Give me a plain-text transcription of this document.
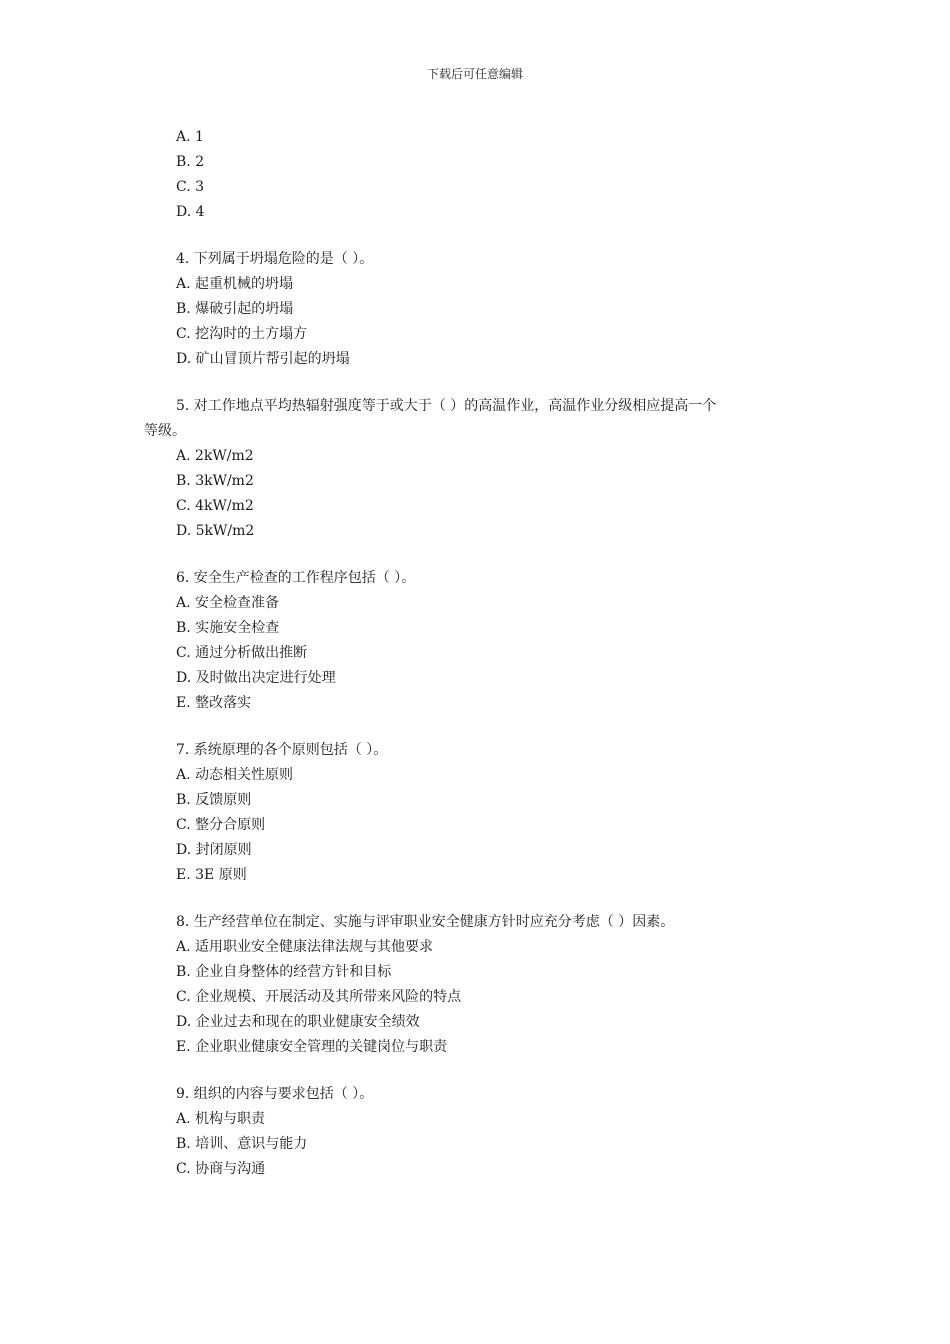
下载后可任意编辑
A. 1
B. 2
C. 3
D. 4
4. 下列属于坍塌危险的是（ ）。
A. 起重机械的坍塌
B. 爆破引起的坍塌
C. 挖沟时的土方塌方
D. 矿山冒顶片帮引起的坍塌
5. 对工作地点平均热辐射强度等于或大于（ ）的高温作业，高温作业分级相应提高一个
等级。
A. 2kW/m2
B. 3kW/m2
C. 4kW/m2
D. 5kW/m2
6. 安全生产检查的工作程序包括（ ）。
A. 安全检查准备
B. 实施安全检查
C. 通过分析做出推断
D. 及时做出决定进行处理
E. 整改落实
7. 系统原理的各个原则包括（ ）。
A. 动态相关性原则
B. 反馈原则
C. 整分合原则
D. 封闭原则
E. 3E 原则
8. 生产经营单位在制定、实施与评审职业安全健康方针时应充分考虑（ ）因素。
A. 适用职业安全健康法律法规与其他要求
B. 企业自身整体的经营方针和目标
C. 企业规模、开展活动及其所带来风险的特点
D. 企业过去和现在的职业健康安全绩效
E. 企业职业健康安全管理的关键岗位与职责
9. 组织的内容与要求包括（ ）。
A. 机构与职责
B. 培训、意识与能力
C. 协商与沟通
